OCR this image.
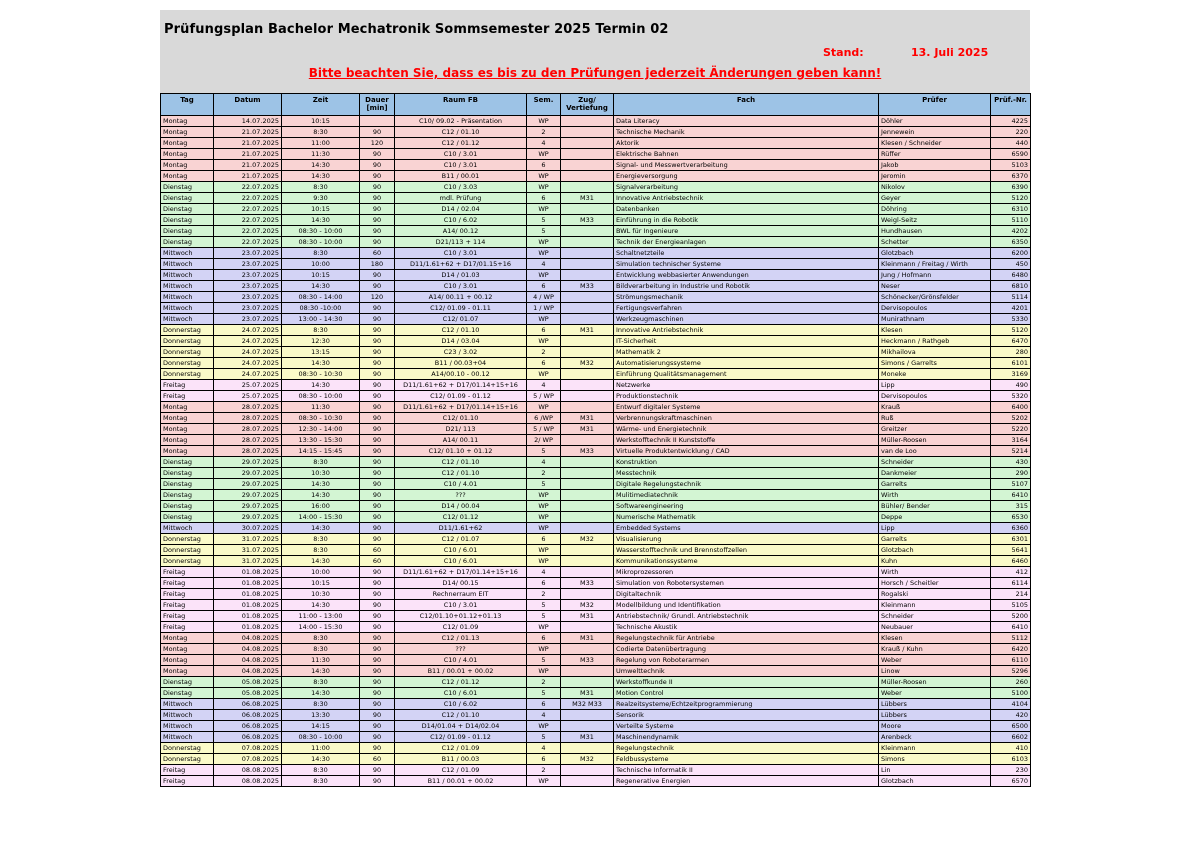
Prüfungsplan Bachelor Mechatronik Sommsemester 2025 Termin 02
Stand:	13. Juli 2025
Bitte beachten Sie, dass es bis zu den Prüfungen jederzeit Änderungen geben kann!
Tag	Datum	Zeit	Dauer [min]	Raum FB	Sem.	Zug/ Vertiefung	Fach	Prüfer	Prüf.-Nr.
Montag	14.07.2025	10:15		C10/ 09.02 - Präsentation	WP		Data Literacy	Döhler	4225
Montag	21.07.2025	8:30	90	C12 / 01.10	2		Technische Mechanik	Jennewein	220
Montag	21.07.2025	11:00	120	C12 / 01.12	4		Aktorik	Klesen / Schneider	440
Montag	21.07.2025	11:30	90	C10 / 3.01	WP		Elektrische Bahnen	Rüffer	6590
Montag	21.07.2025	14:30	90	C10 / 3.01	6		Signal- und Messwertverarbeitung	Jakob	5103
Montag	21.07.2025	14:30	90	B11 / 00.01	WP		Energieversorgung	Jeromin	6370
Dienstag	22.07.2025	8:30	90	C10 / 3.03	WP		Signalverarbeitung	Nikolov	6390
Dienstag	22.07.2025	9:30	90	mdl. Prüfung	6	M31	Innovative Antriebstechnik	Geyer	5120
Dienstag	22.07.2025	10:15	90	D14 / 02.04	WP		Datenbanken	Döhring	6310
Dienstag	22.07.2025	14:30	90	C10 / 6.02	5	M33	Einführung in die Robotik	Weigl-Seitz	5110
Dienstag	22.07.2025	08:30 - 10:00	90	A14/ 00.12	5		BWL für Ingenieure	Hundhausen	4202
Dienstag	22.07.2025	08:30 - 10:00	90	D21/113 + 114	WP		Technik der Energieanlagen	Schetter	6350
Mittwoch	23.07.2025	8:30	60	C10 / 3.01	WP		Schaltnetzteile	Glotzbach	6200
Mittwoch	23.07.2025	10:00	180	D11/1.61+62 + D17/01.15+16	4		Simulation technischer Systeme	Kleinmann / Freitag / Wirth	450
Mittwoch	23.07.2025	10:15	90	D14 / 01.03	WP		Entwicklung webbasierter Anwendungen	Jung / Hofmann	6480
Mittwoch	23.07.2025	14:30	90	C10 / 3.01	6	M33	Bildverarbeitung in Industrie und Robotik	Neser	6810
Mittwoch	23.07.2025	08:30 - 14:00	120	A14/ 00.11 + 00.12	4 / WP		Strömungsmechanik	Schönecker/Grönsfelder	5114
Mittwoch	23.07.2025	08:30 -10:00	90	C12/ 01.09 - 01.11	1 / WP		Fertigungsverfahren	Dervisopoulos	4201
Mittwoch	23.07.2025	13:00 - 14:30	90	C12/ 01.07	WP		Werkzeugmaschinen	Munirathnam	5330
Donnerstag	24.07.2025	8:30	90	C12 / 01.10	6	M31	Innovative Antriebstechnik	Klesen	5120
Donnerstag	24.07.2025	12:30	90	D14 / 03.04	WP		IT-Sicherheit	Heckmann / Rathgeb	6470
Donnerstag	24.07.2025	13:15	90	C23 / 3.02	2		Mathematik 2	Mikhailova	280
Donnerstag	24.07.2025	14:30	90	B11 / 00.03+04	6	M32	Automatisierungssysteme	Simons / Garrelts	6101
Donnerstag	24.07.2025	08:30 - 10:30	90	A14/00.10 - 00.12	WP		Einführung Qualitätsmanagement	Moneke	3169
Freitag	25.07.2025	14:30	90	D11/1.61+62 + D17/01.14+15+16	4		Netzwerke	Lipp	490
Freitag	25.07.2025	08:30 - 10:00	90	C12/ 01.09 - 01.12	5 / WP		Produktionstechnik	Dervisopoulos	5320
Montag	28.07.2025	11:30	90	D11/1.61+62 + D17/01.14+15+16	WP		Entwurf digitaler Systeme	Krauß	6400
Montag	28.07.2025	08:30 - 10:30	90	C12/ 01.10	6 /WP	M31	Verbrennungskraftmaschinen	Ruß	5202
Montag	28.07.2025	12:30 - 14:00	90	D21/ 113	5 / WP	M31	Wärme- und Energietechnik	Greitzer	5220
Montag	28.07.2025	13:30 - 15:30	90	A14/ 00.11	2/ WP		Werkstofftechnik II Kunststoffe	Müller-Roosen	3164
Montag	28.07.2025	14:15 - 15:45	90	C12/ 01.10 + 01.12	5	M33	Virtuelle Produktentwicklung / CAD	van de Loo	5214
Dienstag	29.07.2025	8:30	90	C12 / 01.10	4		Konstruktion	Schneider	430
Dienstag	29.07.2025	10:30	90	C12 / 01.10	2		Messtechnik	Dankmeier	290
Dienstag	29.07.2025	14:30	90	C10 / 4.01	5		Digitale Regelungstechnik	Garrelts	5107
Dienstag	29.07.2025	14:30	90	???	WP		Mulitimediatechnik	Wirth	6410
Dienstag	29.07.2025	16:00	90	D14 / 00.04	WP		Softwareengineering	Bühler/ Bender	315
Dienstag	29.07.2025	14:00 - 15:30	90	C12/ 01.12	WP		Numerische Mathematik	Deppe	6530
Mittwoch	30.07.2025	14:30	90	D11/1.61+62	WP		Embedded Systems	Lipp	6360
Donnerstag	31.07.2025	8:30	90	C12 / 01.07	6	M32	Visualisierung	Garrelts	6301
Donnerstag	31.07.2025	8:30	60	C10 / 6.01	WP		Wasserstofftechnik und Brennstoffzellen	Glotzbach	5641
Donnerstag	31.07.2025	14:30	60	C10 / 6.01	WP		Kommunikationssysteme	Kuhn	6460
Freitag	01.08.2025	10:00	90	D11/1.61+62 + D17/01.14+15+16	4		Mikroprozessoren	Wirth	412
Freitag	01.08.2025	10:15	90	D14/ 00.15	6	M33	Simulation von Robotersystemen	Horsch / Scheitler	6114
Freitag	01.08.2025	10:30	90	Rechnerraum EIT	2		Digitaltechnik	Rogalski	214
Freitag	01.08.2025	14:30	90	C10 / 3.01	5	M32	Modellbildung und Identifikation	Kleinmann	5105
Freitag	01.08.2025	11:00 - 13:00	90	C12/01.10+01.12+01.13	5	M31	Antriebstechnik/ Grundl. Antriebstechnik	Schneider	5200
Freitag	01.08.2025	14:00 - 15:30	90	C12/ 01.09	WP		Technische Akustik	Neubauer	6410
Montag	04.08.2025	8:30	90	C12 / 01.13	6	M31	Regelungstechnik für Antriebe	Klesen	5112
Montag	04.08.2025	8:30	90	???	WP		Codierte Datenübertragung	Krauß / Kuhn	6420
Montag	04.08.2025	11:30	90	C10 / 4.01	5	M33	Regelung von Roboterarmen	Weber	6110
Montag	04.08.2025	14:30	90	B11 / 00.01 + 00.02	WP		Umwelttechnik	Linow	5296
Dienstag	05.08.2025	8:30	90	C12 / 01.12	2		Werkstoffkunde II	Müller-Roosen	260
Dienstag	05.08.2025	14:30	90	C10 / 6.01	5	M31	Motion Control	Weber	5100
Mittwoch	06.08.2025	8:30	90	C10 / 6.02	6	M32 M33	Realzeitsysteme/Echtzeitprogrammierung	Lübbers	4104
Mittwoch	06.08.2025	13:30	90	C12 / 01.10	4		Sensorik	Lübbers	420
Mittwoch	06.08.2025	14:15	90	D14/01.04 + D14/02.04	WP		Verteilte Systeme	Moore	6500
Mittwoch	06.08.2025	08:30 - 10:00	90	C12/ 01.09 - 01.12	5	M31	Maschinendynamik	Arenbeck	6602
Donnerstag	07.08.2025	11:00	90	C12 / 01.09	4		Regelungstechnik	Kleinmann	410
Donnerstag	07.08.2025	14:30	60	B11 / 00.03	6	M32	Feldbussysteme	Simons	6103
Freitag	08.08.2025	8:30	90	C12 / 01.09	2		Technische Informatik II	Lin	230
Freitag	08.08.2025	8:30	90	B11 / 00.01 + 00.02	WP		Regenerative Energien	Glotzbach	6570
